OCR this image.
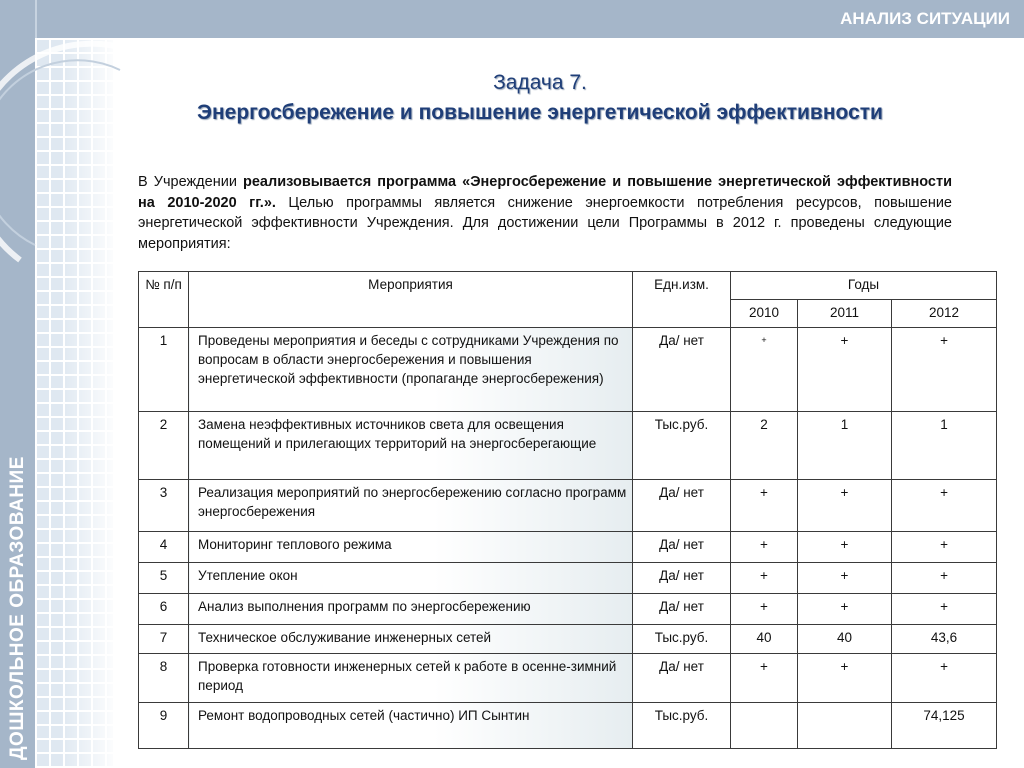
ДОШКОЛЬНОЕ ОБРАЗОВАНИЕ
АНАЛИЗ СИТУАЦИИ
Задача 7.
Энергосбережение и повышение энергетической эффективности

В Учреждении реализовывается программа «Энергосбережение и повышение энергетической эффективности на 2010-2020 гг.». Целью программы является снижение энергоемкости потребления ресурсов, повышение энергетической эффективности Учреждения. Для достижении цели Программы в 2012 г. проведены следующие мероприятия:

№ п/п	Мероприятия	Едн.изм.	Годы		
			2010	2011	2012
1	Проведены мероприятия и беседы с сотрудниками Учреждения по вопросам в области энергосбережения и повышения энергетической эффективности (пропаганде энергосбережения)	Да/ нет	+	+	+
2	Замена неэффективных источников света для освещения помещений и прилегающих территорий на энергосберегающие	Тыс.руб.	2	1	1
3	Реализация мероприятий по энергосбережению согласно программ энергосбережения	Да/ нет	+	+	+
4	Мониторинг теплового режима	Да/ нет	+	+	+
5	Утепление окон	Да/ нет	+	+	+
6	Анализ выполнения программ по энергосбережению	Да/ нет	+	+	+
7	Техническое обслуживание инженерных сетей	Тыс.руб.	40	40	43,6
8	Проверка готовности инженерных сетей к работе в осенне-зимний период	Да/ нет	+	+	+
9	Ремонт водопроводных сетей (частично) ИП Сынтин	Тыс.руб.			74,125
